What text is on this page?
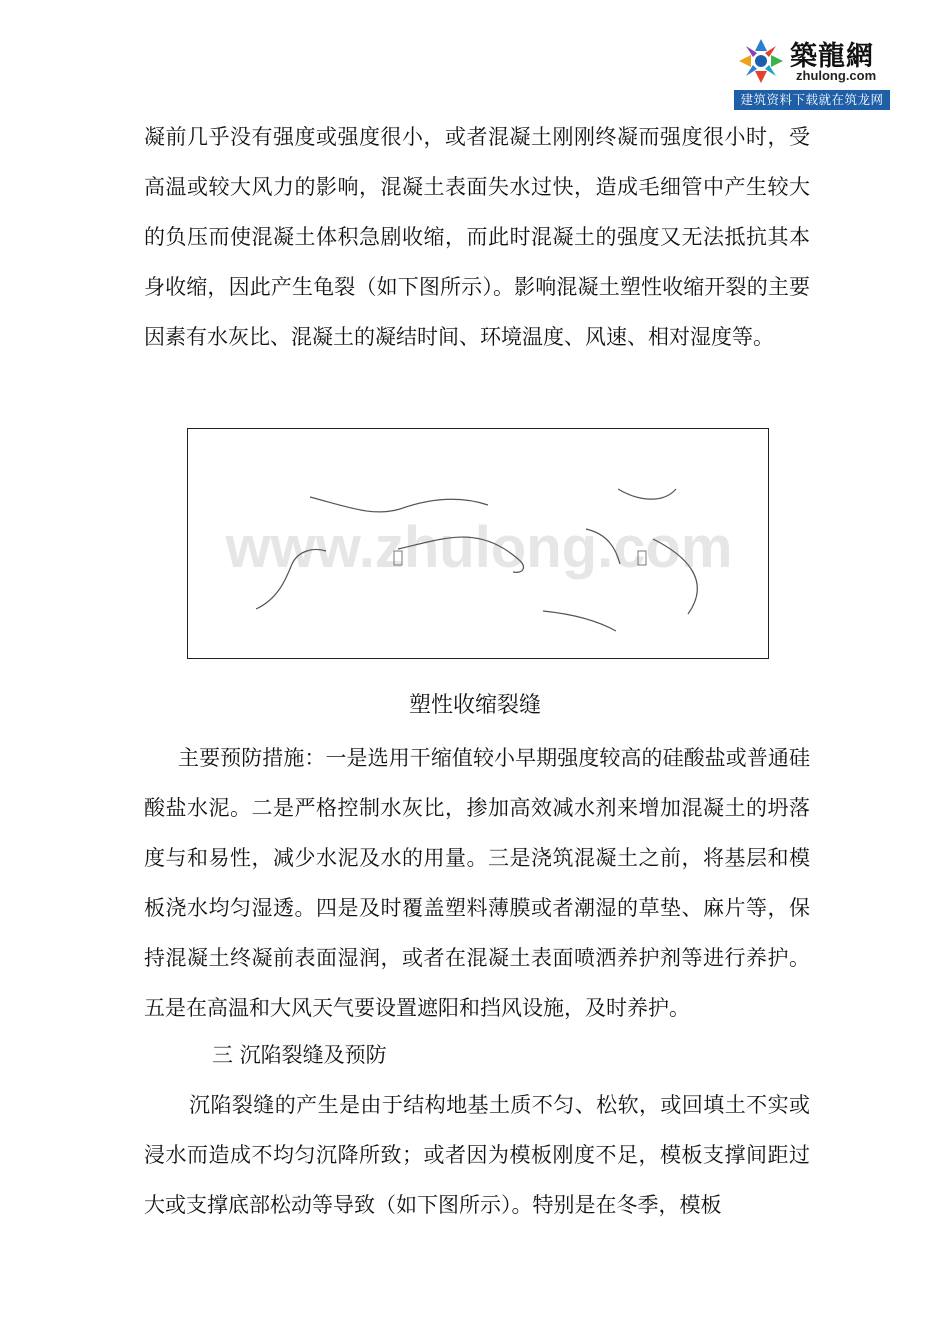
築龍網
zhulong.com
建筑资料下载就在筑龙网
凝前几乎没有强度或强度很小，或者混凝土刚刚终凝而强度很小时，受高温或较大风力的影响，混凝土表面失水过快，造成毛细管中产生较大的负压而使混凝土体积急剧收缩，而此时混凝土的强度又无法抵抗其本身收缩，因此产生龟裂（如下图所示）。影响混凝土塑性收缩开裂的主要因素有水灰比、混凝土的凝结时间、环境温度、风速、相对湿度等。
www.zhulong.com
塑性收缩裂缝
主要预防措施：一是选用干缩值较小早期强度较高的硅酸盐或普通硅酸盐水泥。二是严格控制水灰比，掺加高效减水剂来增加混凝土的坍落度与和易性，减少水泥及水的用量。三是浇筑混凝土之前，将基层和模板浇水均匀湿透。四是及时覆盖塑料薄膜或者潮湿的草垫、麻片等，保持混凝土终凝前表面湿润，或者在混凝土表面喷洒养护剂等进行养护。五是在高温和大风天气要设置遮阳和挡风设施，及时养护。
三 沉陷裂缝及预防
沉陷裂缝的产生是由于结构地基土质不匀、松软，或回填土不实或浸水而造成不均匀沉降所致；或者因为模板刚度不足，模板支撑间距过大或支撑底部松动等导致（如下图所示）。特别是在冬季，模板
